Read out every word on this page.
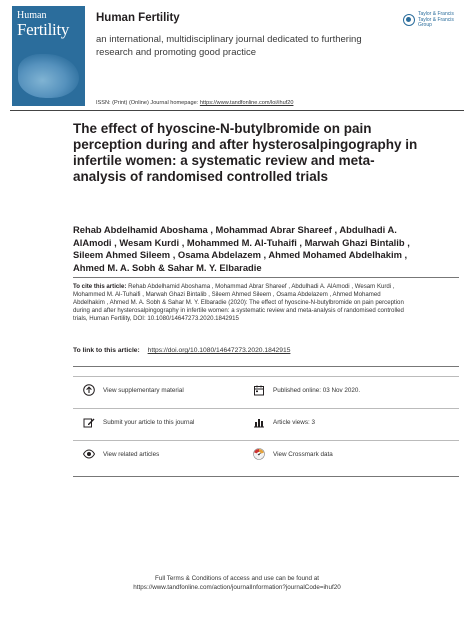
Human
Fertility
Human Fertility
an international, multidisciplinary journal dedicated to furthering research and promoting good practice
Taylor & Francis
Taylor & Francis Group
ISSN: (Print) (Online) Journal homepage: https://www.tandfonline.com/loi/ihuf20
The effect of hyoscine-N-butylbromide on pain perception during and after hysterosalpingography in infertile women: a systematic review and meta-analysis of randomised controlled trials
Rehab Abdelhamid Aboshama , Mohammad Abrar Shareef , Abdulhadi A. AlAmodi , Wesam Kurdi , Mohammed M. Al-Tuhaifi , Marwah Ghazi Bintalib , Sileem Ahmed Sileem , Osama Abdelazem , Ahmed Mohamed Abdelhakim , Ahmed M. A. Sobh & Sahar M. Y. Elbaradie
To cite this article: Rehab Abdelhamid Aboshama , Mohammad Abrar Shareef , Abdulhadi A. AlAmodi , Wesam Kurdi , Mohammed M. Al-Tuhaifi , Marwah Ghazi Bintalib , Sileem Ahmed Sileem , Osama Abdelazem , Ahmed Mohamed Abdelhakim , Ahmed M. A. Sobh & Sahar M. Y. Elbaradie (2020): The effect of hyoscine-N-butylbromide on pain perception during and after hysterosalpingography in infertile women: a systematic review and meta-analysis of randomised controlled trials, Human Fertility, DOI: 10.1080/14647273.2020.1842915
To link to this article: https://doi.org/10.1080/14647273.2020.1842915
View supplementary material	Published online: 03 Nov 2020.
Submit your article to this journal	Article views: 3
View related articles	View Crossmark data
Full Terms & Conditions of access and use can be found at
https://www.tandfonline.com/action/journalInformation?journalCode=ihuf20
